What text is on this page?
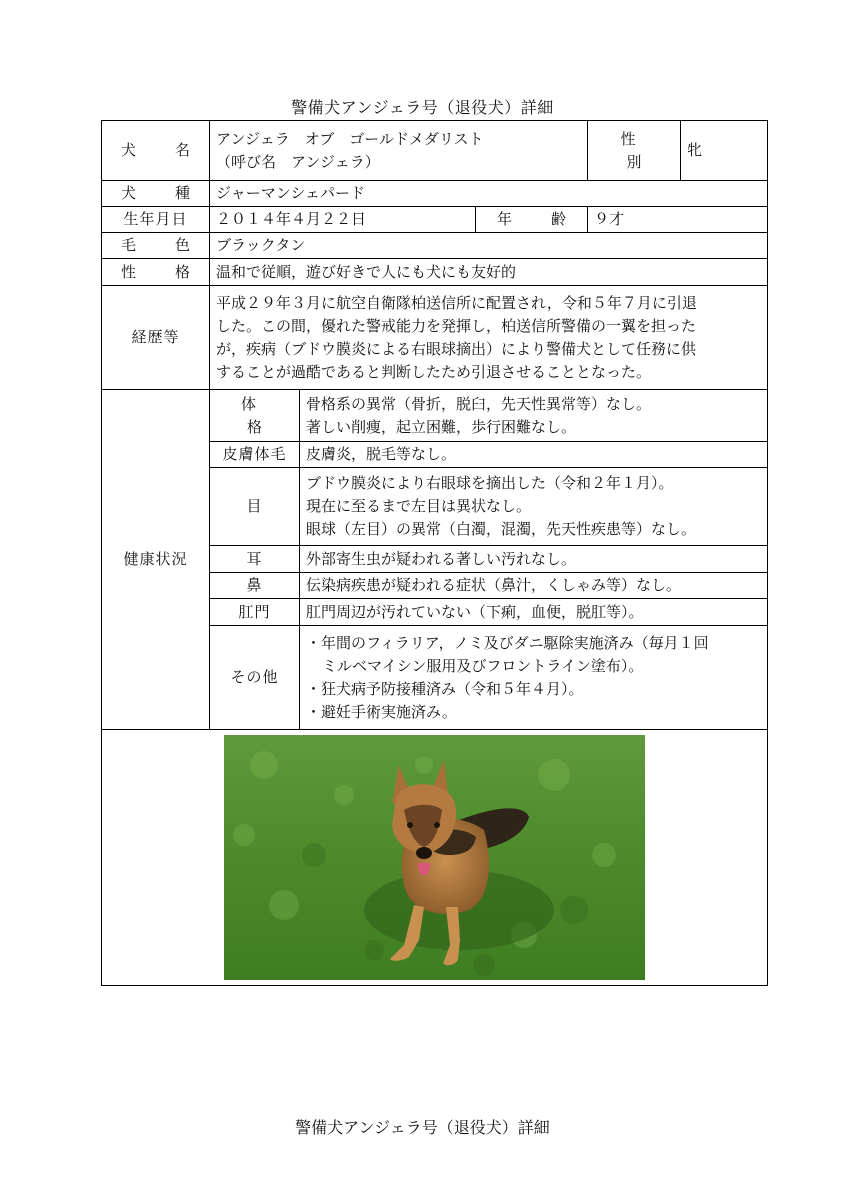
警備犬アンジェラ号（退役犬）詳細
犬　名	アンジェラ　オブ　ゴールドメダリスト
（呼び名　アンジェラ）			性　別	牝
犬　種	ジャーマンシェパード				
生年月日	２０１４年４月２２日		年　齢	９才	
毛　色	ブラックタン				
性　格	温和で従順，遊び好きで人にも犬にも友好的				
経歴等	平成２９年３月に航空自衛隊柏送信所に配置され，令和５年７月に引退
した。この間，優れた警戒能力を発揮し，柏送信所警備の一翼を担った
が，疾病（ブドウ膜炎による右眼球摘出）により警備犬として任務に供
することが過酷であると判断したため引退させることとなった。				

健康状況	体　格	骨格系の異常（骨折，脱臼，先天性異常等）なし。
著しい削痩，起立困難，歩行困難なし。			

	皮膚体毛	皮膚炎，脱毛等なし。			
	目	ブドウ膜炎により右眼球を摘出した（令和２年１月）。
現在に至るまで左目は異状なし。
眼球（左目）の異常（白濁，混濁，先天性疾患等）なし。			

	耳	外部寄生虫が疑われる著しい汚れなし。			
	鼻	伝染病疾患が疑われる症状（鼻汁，くしゃみ等）なし。			
	肛門	肛門周辺が汚れていない（下痢，血便，脱肛等）。			
	その他	・年間のフィラリア，ノミ及びダニ駆除実施済み（毎月１回
ミルベマイシン服用及びフロントライン塗布）。
・狂犬病予防接種済み（令和５年４月）。
・避妊手術実施済み。			

警備犬アンジェラ号（退役犬）詳細
